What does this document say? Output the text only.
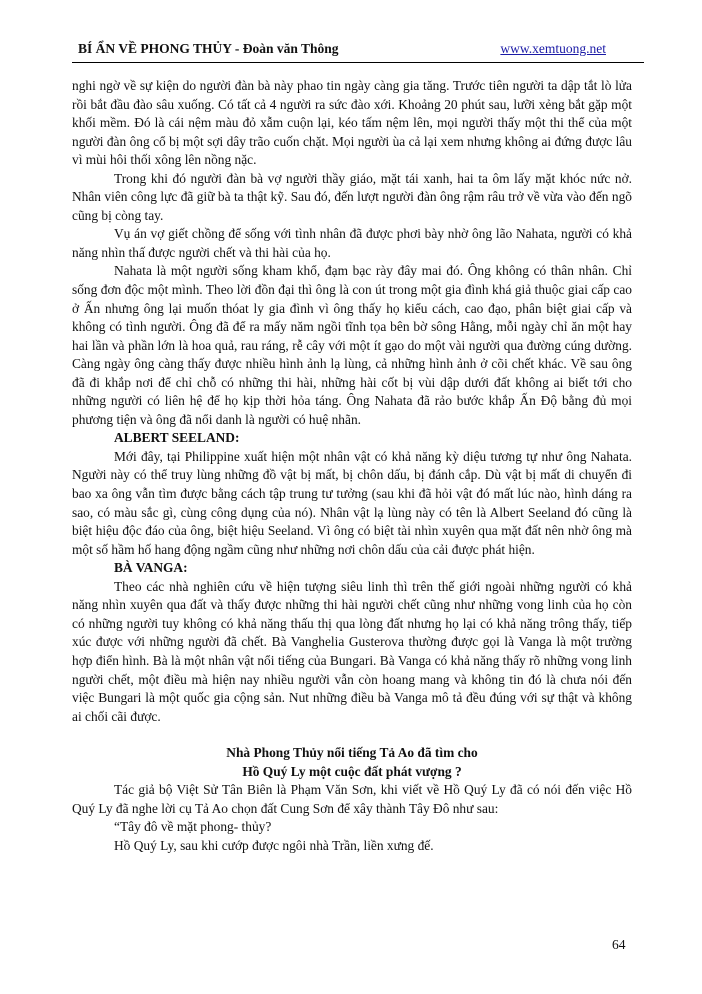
BÍ ẨN VỀ PHONG THỦY - Đoàn văn Thông	www.xemtuong.net

nghi ngờ về sự kiện do người đàn bà này phao tin ngày càng gia tăng. Trước tiên người ta dập tắt lò lửa rồi bắt đầu đào sâu xuống. Có tất cả 4 người ra sức đào xới. Khoảng 20 phút sau, lưỡi xẻng bắt gặp một khối mềm. Đó là cái nệm màu đỏ xẫm cuộn lại, kéo tấm nệm lên, mọi người thấy một thi thể của một người đàn ông cổ bị một sợi dây trão cuốn chặt. Mọi người ùa cả lại xem nhưng không ai đứng được lâu vì mùi hôi thối xông lên nồng nặc.

Trong khi đó người đàn bà vợ người thầy giáo, mặt tái xanh, hai ta ôm lấy mặt khóc nức nở. Nhân viên công lực đã giữ bà ta thật kỹ. Sau đó, đến lượt người đàn ông rậm râu trở về vừa vào đến ngõ cũng bị còng tay.

Vụ án vợ giết chồng để sống với tình nhân đã được phơi bày nhờ ông lão Nahata, người có khả năng nhìn thấ được người chết và thi hài của họ.

Nahata là một người sống kham khổ, đạm bạc rày đây mai đó. Ông không có thân nhân. Chỉ sống đơn độc một mình. Theo lời đồn đại thì ông là con út trong một gia đình khá giả thuộc giai cấp cao ở Ấn nhưng ông lại muốn thóat ly gia đình vì ông thấy họ kiểu cách, cao đạo, phân biệt giai cấp và không có tình người. Ông đã để ra mấy năm ngồi tĩnh tọa bên bờ sông Hằng, mỗi ngày chỉ ăn một hay hai lần và phần lớn là hoa quả, rau ráng, rễ cây với một ít gạo do một vài người qua đường cúng dường. Càng ngày ông càng thấy được nhiều hình ảnh lạ lùng, cả những hình ảnh ở cõi chết khác. Về sau ông đã đi khắp nơi để chỉ chỗ có những thi hài, những hài cốt bị vùi dập dưới đất không ai biết tới cho những người có liên hệ để họ kịp thời hỏa táng. Ông Nahata đã rảo bước khắp Ấn Độ bằng đủ mọi phương tiện và ông đã nổi danh là người có huệ nhãn.

ALBERT SEELAND:

Mới đây, tại Philippine xuất hiện một nhân vật có khả năng kỳ diệu tương tự như ông Nahata. Người này có thể truy lùng những đồ vật bị mất, bị chôn dấu, bị đánh cắp. Dù vật bị mất di chuyển đi bao xa ông vẫn tìm được bằng cách tập trung tư tưởng (sau khi đã hỏi vật đó mất lúc nào, hình dáng ra sao, có màu sắc gì, cùng công dụng của nó). Nhân vật lạ lùng này có tên là Albert Seeland đó cũng là biệt hiệu độc đáo của ông, biệt hiệu Seeland. Vì ông có biệt tài nhìn xuyên qua mặt đất nên nhờ ông mà một số hầm hố hang động ngầm cũng như những nơi chôn dấu của cải được phát hiện.

BÀ VANGA:

Theo các nhà nghiên cứu về hiện tượng siêu linh thì trên thế giới ngoài những người có khả năng nhìn xuyên qua đất và thấy được những thi hài người chết cũng như những vong linh của họ còn có những người tuy không có khả năng thấu thị qua lòng đất nhưng họ lại có khả năng trông thấy, tiếp xúc được với những người đã chết. Bà Vanghelia Gusterova thường được gọi là Vanga là một trường hợp điển hình. Bà là một nhân vật nổi tiếng của Bungari. Bà Vanga có khả năng thấy rõ những vong linh người chết, một điều mà hiện nay nhiều người vẫn còn hoang mang và không tin đó là chưa nói đến việc Bungari là một quốc gia cộng sản. Nut những điều bà Vanga mô tả đều đúng với sự thật và không ai chối cãi được.

Nhà Phong Thủy nổi tiếng Tả Ao đã tìm cho

Hồ Quý Ly một cuộc đất phát vượng ?

Tác giả bộ Việt Sử Tân Biên là Phạm Văn Sơn, khi viết về Hồ Quý Ly đã có nói đến việc Hồ Quý Ly đã nghe lời cụ Tả Ao chọn đất Cung Sơn để xây thành Tây Đô như sau:

“Tây đô về mặt phong- thủy?

Hồ Quý Ly, sau khi cướp được ngôi nhà Trần, liền xưng đế.

64
